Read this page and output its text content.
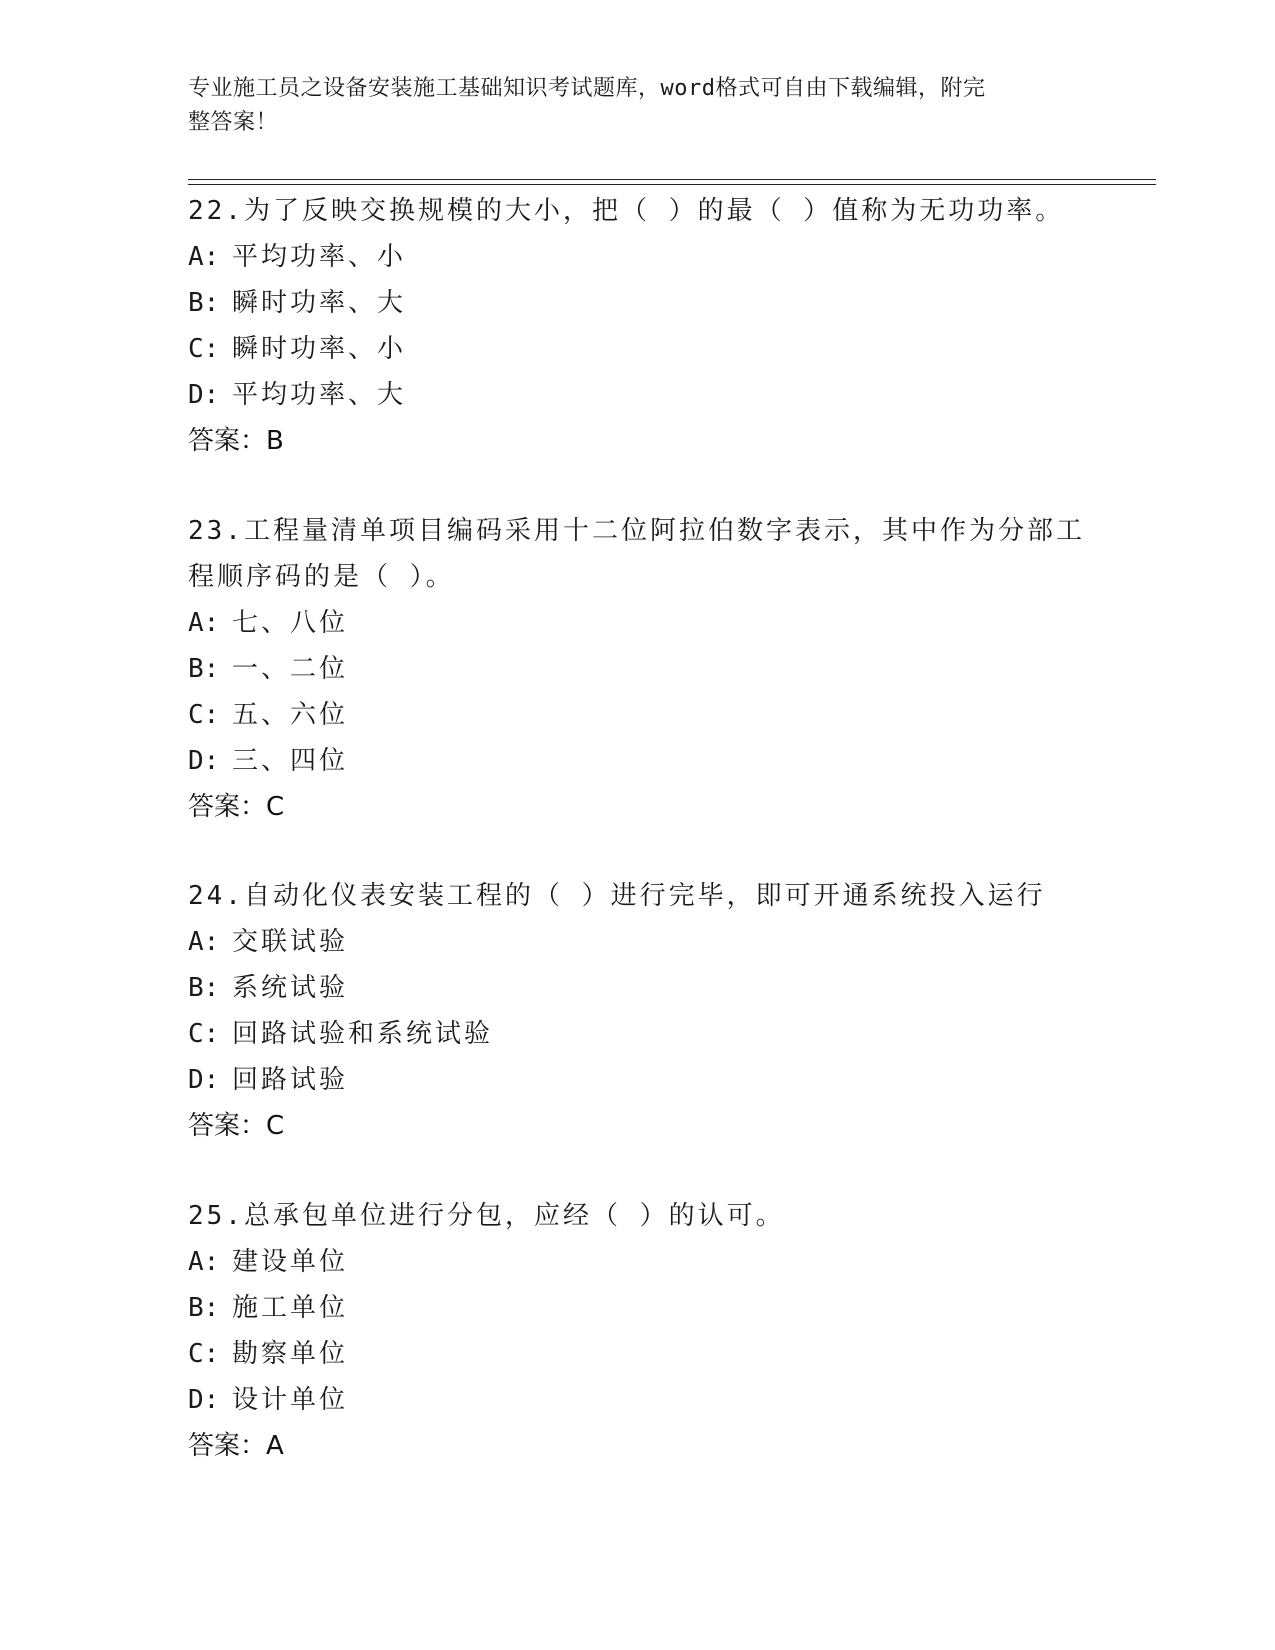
专业施工员之设备安装施工基础知识考试题库，word格式可自由下载编辑，附完
整答案！

22.为了反映交换规模的大小，把（ ）的最（ ）值称为无功功率。

A: 平均功率、小

B: 瞬时功率、大

C: 瞬时功率、小

D: 平均功率、大

答案：B

23.工程量清单项目编码采用十二位阿拉伯数字表示，其中作为分部工

程顺序码的是（ ）。

A: 七、八位

B: 一、二位

C: 五、六位

D: 三、四位

答案：C

24.自动化仪表安装工程的（ ）进行完毕，即可开通系统投入运行

A: 交联试验

B: 系统试验

C: 回路试验和系统试验

D: 回路试验

答案：C

25.总承包单位进行分包，应经（ ）的认可。

A: 建设单位

B: 施工单位

C: 勘察单位

D: 设计单位

答案：A
